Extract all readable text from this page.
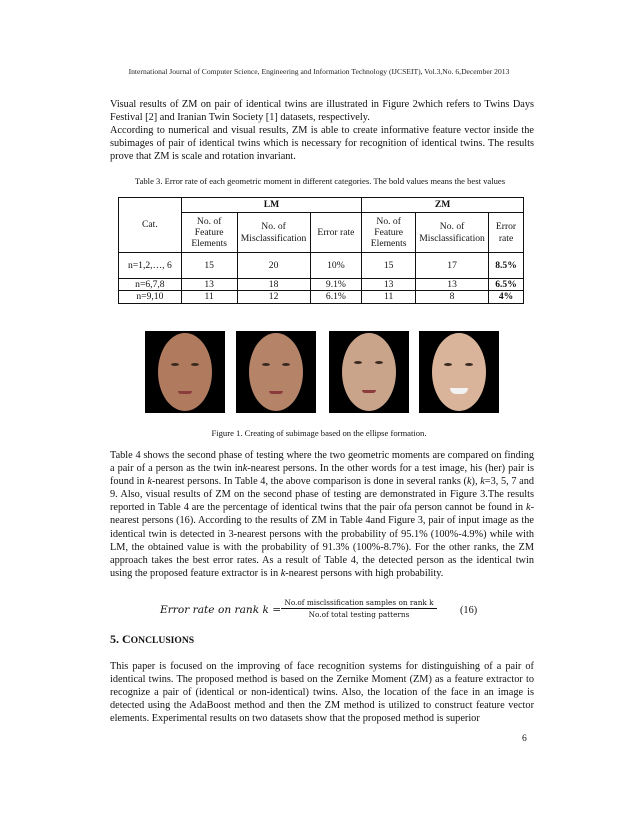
International Journal of Computer Science, Engineering and Information Technology (IJCSEIT), Vol.3,No. 6,December 2013
Visual results of ZM on pair of identical twins are illustrated in Figure 2which refers to Twins Days Festival [2] and Iranian Twin Society [1] datasets, respectively.
According to numerical and visual results, ZM is able to create informative feature vector inside the subimages of pair of identical twins which is necessary for recognition of identical twins. The results prove that ZM is scale and rotation invariant.
Table 3. Error rate of each geometric moment in different categories. The bold values means the best values
Cat.	LM			ZM		
	No. of Feature Elements	No. of Misclassification	Error rate	No. of Feature Elements	No. of Misclassification	Error rate
n=1,2,…, 6	15	20	10%	15	17	8.5%
n=6,7,8	13	18	9.1%	13	13	6.5%
n=9,10	11	12	6.1%	11	8	4%
Figure 1. Creating of subimage based on the ellipse formation.

Table 4 shows the second phase of testing where the two geometric moments are compared on finding a pair of a person as the twin ink-nearest persons. In the other words for a test image, his (her) pair is found in k-nearest persons. In Table 4, the above comparison is done in several ranks (k), k=3, 5, 7 and 9. Also, visual results of ZM on the second phase of testing are demonstrated in Figure 3.The results reported in Table 4 are the percentage of identical twins that the pair ofa person cannot be found in k-nearest persons (16). According to the results of ZM in Table 4and Figure 3, pair of input image as the identical twin is detected in 3-nearest persons with the probability of 95.1% (100%-4.9%) while with LM, the obtained value is with the probability of 91.3% (100%-8.7%). For the other ranks, the ZM approach takes the best error rates. As a result of Table 4, the detected person as the identical twin using the proposed feature extractor is in k-nearest persons with high probability.

Error rate on rank k =
No.of misclssification samples on rank k
No.of total testing patterns	(16)
5. CONCLUSIONS

This paper is focused on the improving of face recognition systems for distinguishing of a pair of identical twins. The proposed method is based on the Zernike Moment (ZM) as a feature extractor to recognize a pair of (identical or non-identical) twins. Also, the location of the face in an image is detected using the AdaBoost method and then the ZM method is utilized to construct feature vector elements. Experimental results on two datasets show that the proposed method is superior

6
